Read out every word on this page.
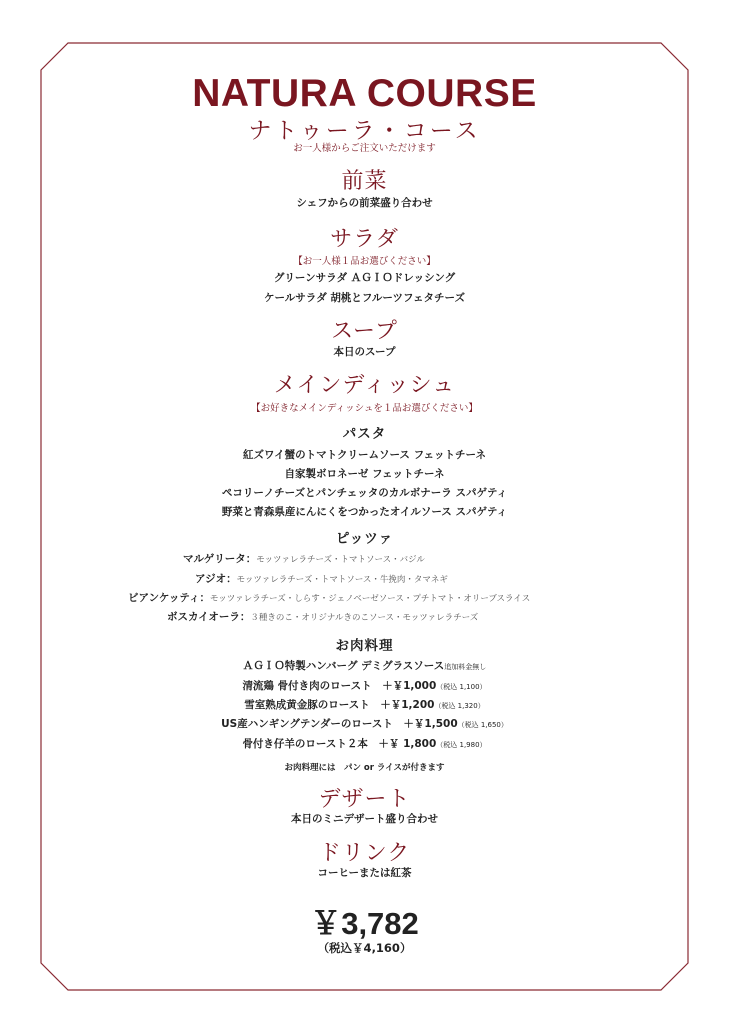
NATURA COURSE
ナトゥーラ・コース
お一人様からご注文いただけます
前菜
シェフからの前菜盛り合わせ
サラダ
【お一人様１品お選びください】
グリーンサラダ ＡＧＩＯドレッシング
ケールサラダ 胡桃とフルーツフェタチーズ
スープ
本日のスープ
メインディッシュ
【お好きなメインディッシュを１品お選びください】
パスタ
紅ズワイ蟹のトマトクリームソース フェットチーネ
自家製ボロネーゼ フェットチーネ
ペコリーノチーズとパンチェッタのカルボナーラ スパゲティ
野菜と青森県産にんにくをつかったオイルソース スパゲティ
ピッツァ
マルゲリータ：モッツァレラチーズ・トマトソース・バジル
アジオ：モッツァレラチーズ・トマトソース・牛挽肉・タマネギ
ビアンケッティ：モッツァレラチーズ・しらす・ジェノベーゼソース・プチトマト・オリーブスライス
ボスカイオーラ：３種きのこ・オリジナルきのこソース・モッツァレラチーズ
お肉料理
ＡＧＩＯ特製ハンバーグ デミグラスソース追加料金無し
清流鶏 骨付き肉のロースト　＋￥1,000（税込 1,100）
雪室熟成黄金豚のロースト　＋￥1,200（税込 1,320）
US産ハンギングテンダーのロースト　＋￥1,500（税込 1,650）
骨付き仔羊のロースト２本　＋￥ 1,800（税込 1,980）
お肉料理には　パン or ライスが付きます
デザート
本日のミニデザート盛り合わせ
ドリンク
コーヒーまたは紅茶
￥3,782
（税込￥4,160）
